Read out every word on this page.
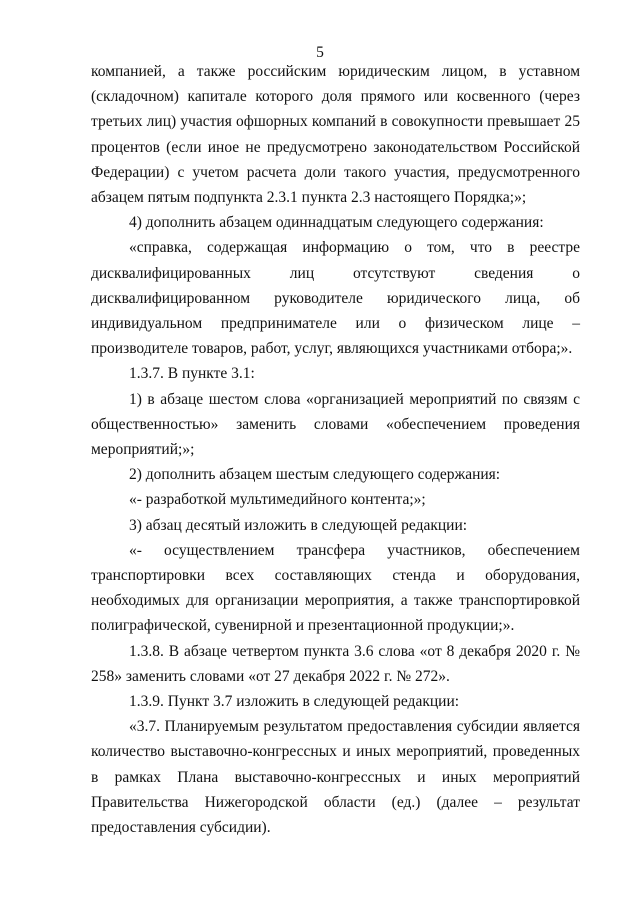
5

компанией, а также российским юридическим лицом, в уставном (складочном) капитале которого доля прямого или косвенного (через третьих лиц) участия офшорных компаний в совокупности превышает 25 процентов (если иное не предусмотрено законодательством Российской Федерации) с учетом расчета доли такого участия, предусмотренного абзацем пятым подпункта 2.3.1 пункта 2.3 настоящего Порядка;»;

4) дополнить абзацем одиннадцатым следующего содержания:

«справка, содержащая информацию о том, что в реестре дисквалифицированных лиц отсутствуют сведения о дисквалифицированном руководителе юридического лица, об индивидуальном предпринимателе или о физическом лице – производителе товаров, работ, услуг, являющихся участниками отбора;».

1.3.7. В пункте 3.1:

1) в абзаце шестом слова «организацией мероприятий по связям с общественностью» заменить словами «обеспечением проведения мероприятий;»;

2) дополнить абзацем шестым следующего содержания:

«- разработкой мультимедийного контента;»;

3) абзац десятый изложить в следующей редакции:

«- осуществлением трансфера участников, обеспечением транспортировки всех составляющих стенда и оборудования, необходимых для организации мероприятия, а также транспортировкой полиграфической, сувенирной и презентационной продукции;».

1.3.8. В абзаце четвертом пункта 3.6 слова «от 8 декабря 2020 г. № 258» заменить словами «от 27 декабря 2022 г. № 272».

1.3.9. Пункт 3.7 изложить в следующей редакции:

«3.7. Планируемым результатом предоставления субсидии является количество выставочно-конгрессных и иных мероприятий, проведенных в рамках Плана выставочно-конгрессных и иных мероприятий Правительства Нижегородской области (ед.) (далее – результат предоставления субсидии).
